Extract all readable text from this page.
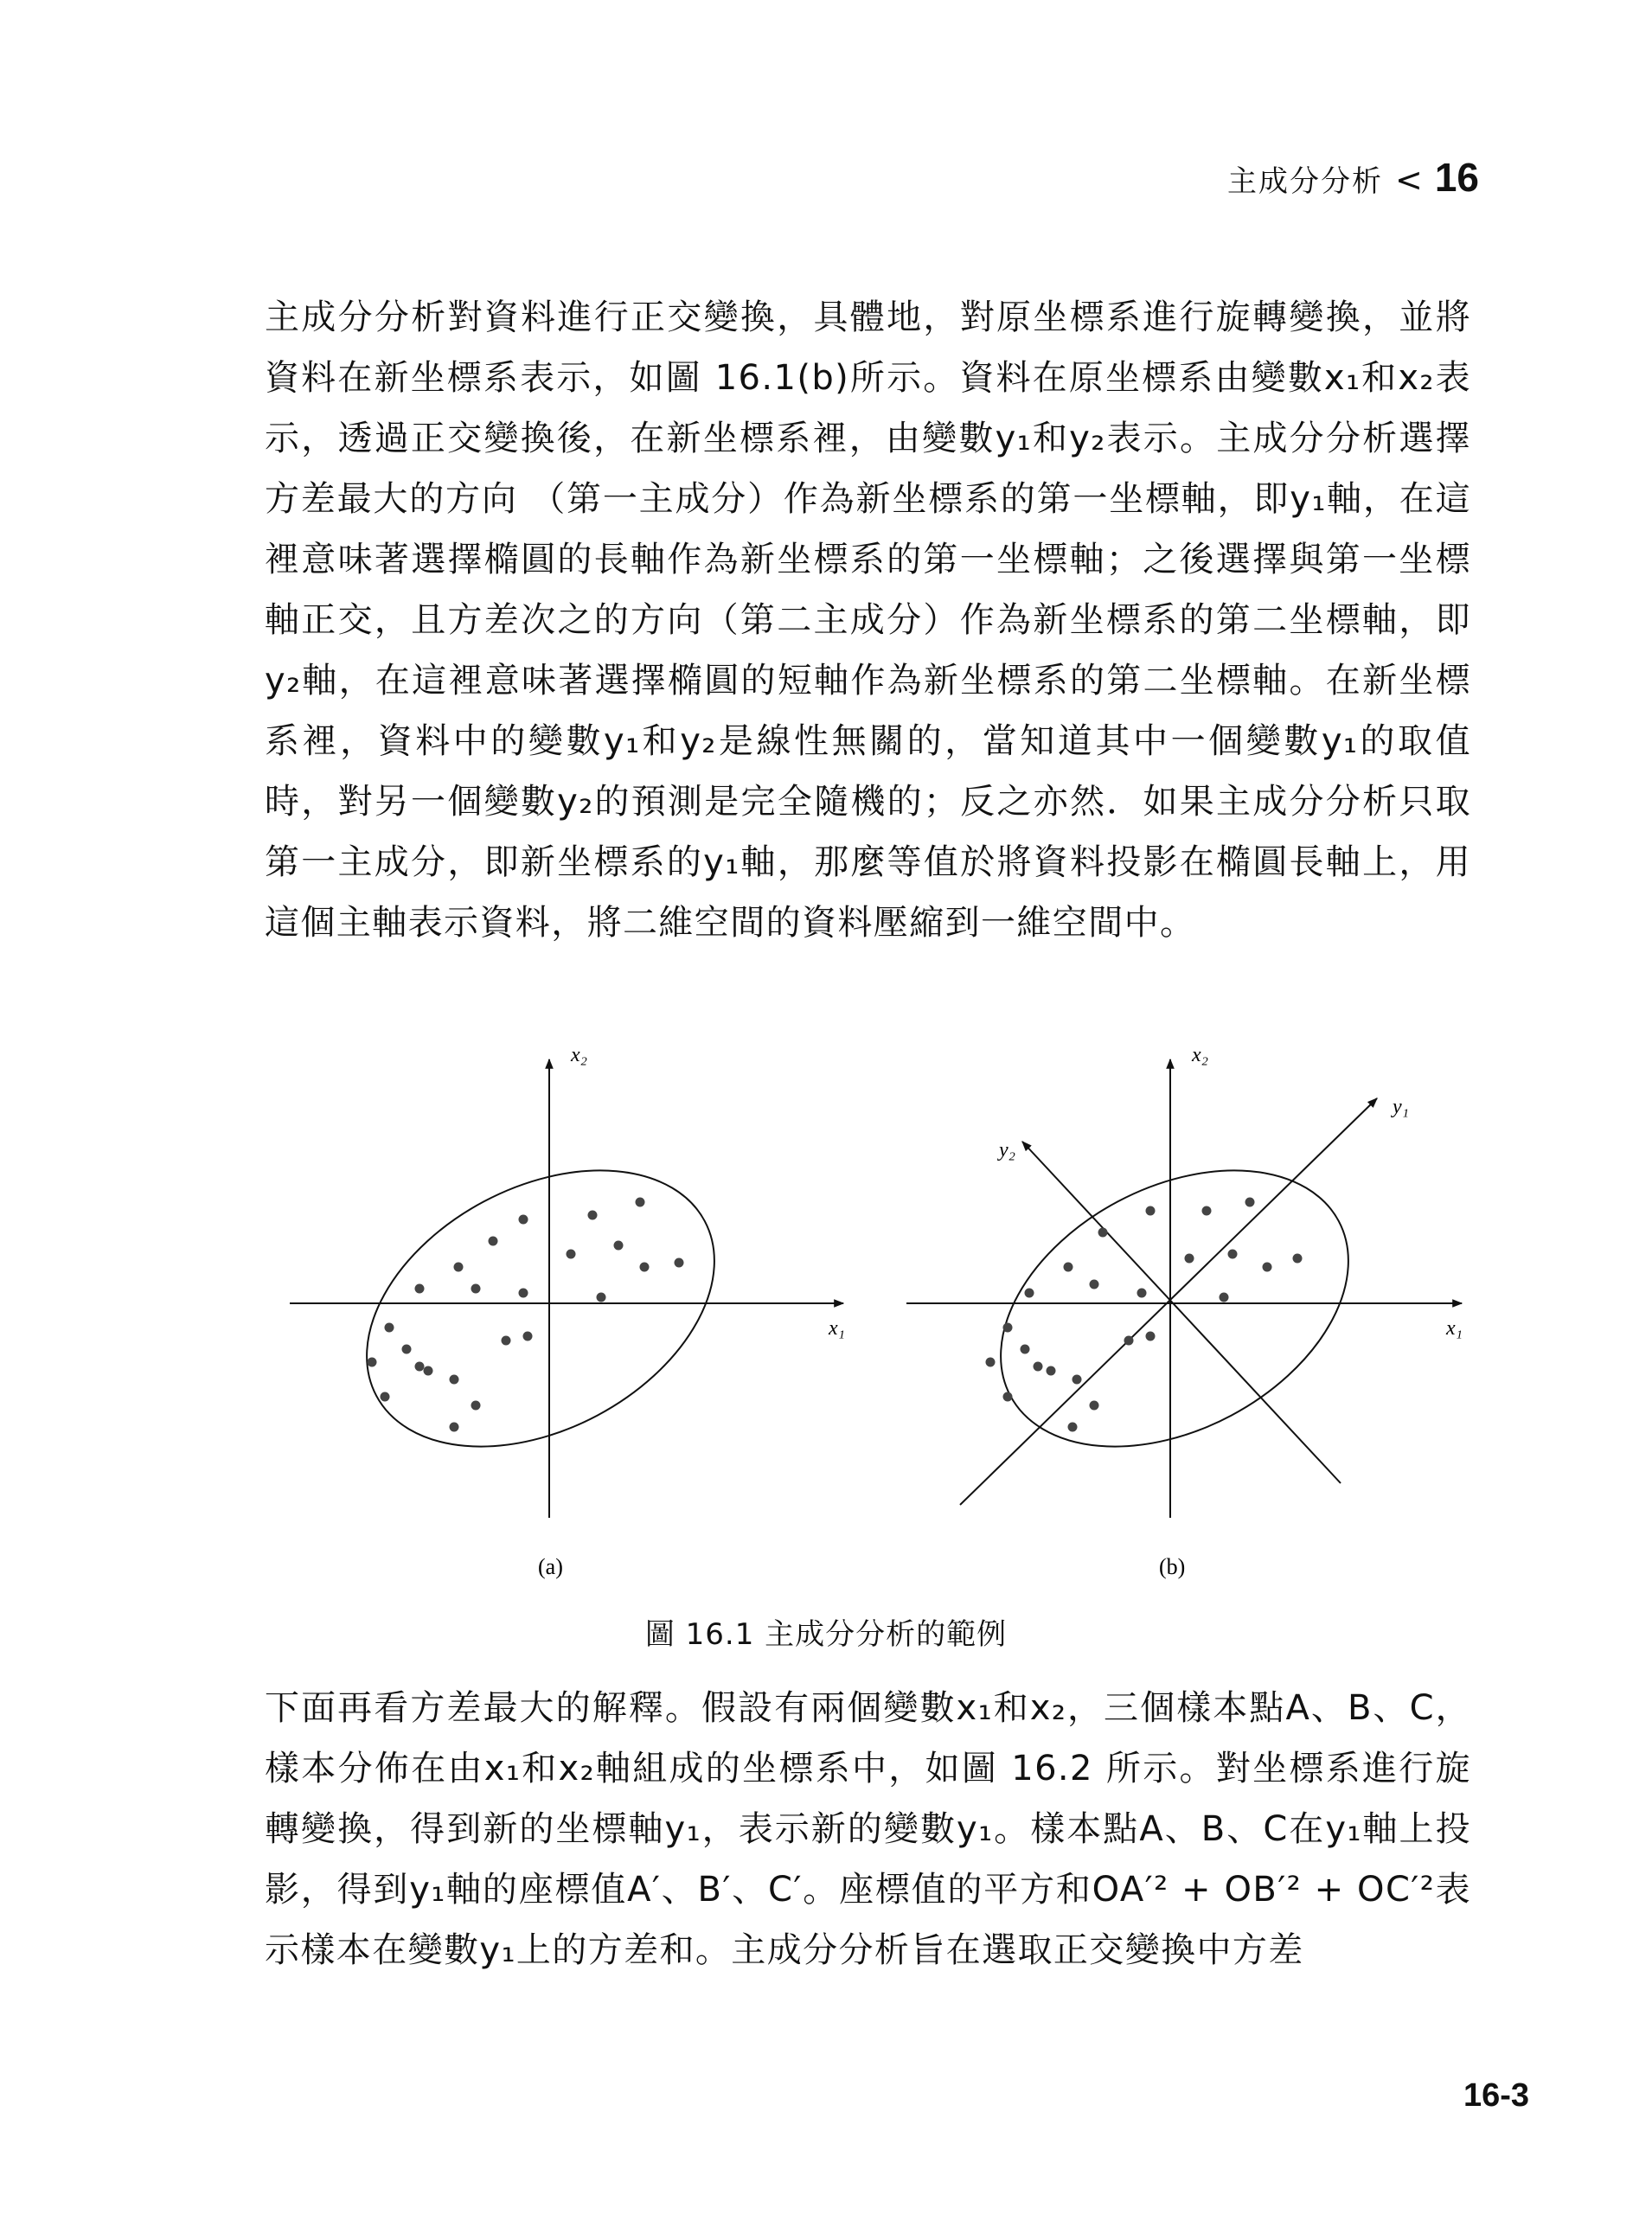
主成分分析 < 16
主成分分析對資料進行正交變換，具體地，對原坐標系進行旋轉變換，並將資料在新坐標系表示，如圖 16.1(b)所示。資料在原坐標系由變數x₁和x₂表示，透過正交變換後，在新坐標系裡，由變數y₁和y₂表示。主成分分析選擇方差最大的方向 （第一主成分）作為新坐標系的第一坐標軸，即y₁軸，在這裡意味著選擇橢圓的長軸作為新坐標系的第一坐標軸；之後選擇與第一坐標軸正交，且方差次之的方向（第二主成分）作為新坐標系的第二坐標軸，即y₂軸，在這裡意味著選擇橢圓的短軸作為新坐標系的第二坐標軸。在新坐標系裡，資料中的變數y₁和y₂是線性無關的，當知道其中一個變數y₁的取值時，對另一個變數y₂的預測是完全隨機的；反之亦然．如果主成分分析只取第一主成分，即新坐標系的y₁軸，那麼等值於將資料投影在橢圓長軸上，用這個主軸表示資料，將二維空間的資料壓縮到一維空間中。
x₂
x₁
(a)
x₂
x₁
y₁
y₂
(b)
圖 16.1 主成分分析的範例
下面再看方差最大的解釋。假設有兩個變數x₁和x₂，三個樣本點A、B、C，樣本分佈在由x₁和x₂軸組成的坐標系中，如圖 16.2 所示。對坐標系進行旋轉變換，得到新的坐標軸y₁，表示新的變數y₁。樣本點A、B、C在y₁軸上投影，得到y₁軸的座標值A′、B′、C′。座標值的平方和OA′² + OB′² + OC′²表示樣本在變數y₁上的方差和。主成分分析旨在選取正交變換中方差
16-3
